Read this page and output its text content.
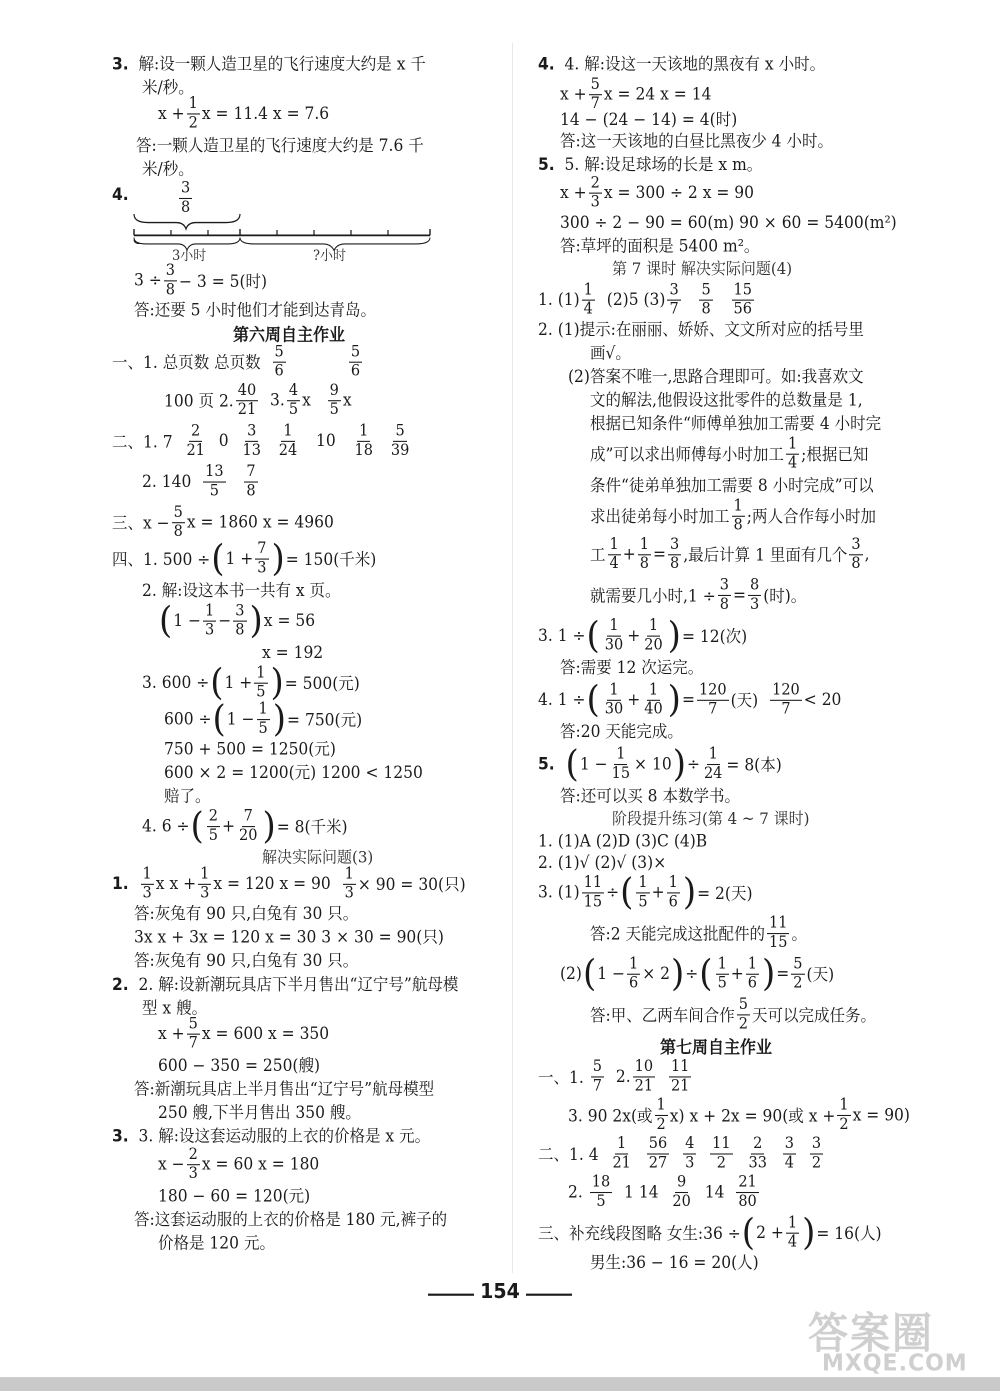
3. 解:设一颗人造卫星的飞行速度大约是 x 千
米/秒。
$x + \frac{1}{2}$ x = 11.4 x = 7.6
答:一颗人造卫星的飞行速度大约是 7.6 千
米/秒。
4.	$\frac{3}{8}$
3小时	?小时
$3 \div \frac{3}{8} - 3 = 5$(时)
答:还要 5 小时他们才能到达青岛。
第六周自主作业
一、1. 总页数 总页数
$\frac{5}{6}$
	$\frac{5}{6}$
100 页 2. $\frac{40}{21}$
3. $\frac{4}{5}$ x
$\frac{9}{5}$ x
二、1. 7
$\frac{2}{21}$
0
$\frac{3}{13}$
$\frac{1}{24}$
10
$\frac{1}{18}$
$\frac{5}{39}$
2. 140
$\frac{13}{5}$
$\frac{7}{8}$
三、$x - \frac{5}{8}$ x = 1860 x = 4960
四、1. 500 ÷ ( $1 + \frac{7}{3}$ ) = 150(千米)
2. 解:设这本书一共有 x 页。
( $1 - \frac{1}{3} - \frac{3}{8}$ ) x = 56
x = 192
3. 600 ÷ ( $1 + \frac{1}{5}$ ) = 500(元)
600 ÷ ( $1 - \frac{1}{5}$ ) = 750(元)
750 + 500 = 1250(元)
600 × 2 = 1200(元) 1200 < 1250
赔了。
4. 6 ÷ ( $\frac{2}{5} + \frac{7}{20}$ ) = 8(千米)
解决实际问题(3)
1.
$\frac{1}{3}$ x $x + \frac{1}{3}$ x = 120 x = 90
$\frac{1}{3} \times 90 = 30$(只)
答:灰兔有 90 只,白兔有 30 只。
3x x + 3x = 120 x = 30 3 × 30 = 90(只)
答:灰兔有 90 只,白兔有 30 只。
2. 2. 解:设新潮玩具店下半月售出“辽宁号”航母模
型 x 艘。
$x + \frac{5}{7}$ x = 600 x = 350
600 − 350 = 250(艘)
答:新潮玩具店上半月售出“辽宁号”航母模型
250 艘,下半月售出 350 艘。
3. 3. 解:设这套运动服的上衣的价格是 x 元。
$x - \frac{2}{3}$ x = 60 x = 180
180 − 60 = 120(元)
4. 4. 解:设这一天该地的黑夜有 x 小时。
$x + \frac{5}{7}$ x = 24 x = 14
14 − (24 − 14) = 4(时)
答:这一天该地的白昼比黑夜少 4 小时。
5. 5. 解:设足球场的长是 x m。
$x + \frac{2}{3}$ x = 300 ÷ 2 x = 90
300 ÷ 2 − 90 = 60(m) 90 × 60 = 5400(m²)
答:草坪的面积是 5400 m²。
第 7 课时 解决实际问题(4)
1. $(1) \frac{1}{4}$
(2)5 $(3) \frac{3}{7}$
$\frac{5}{8}$
$\frac{15}{56}$
2. (1)提示:在丽丽、娇娇、文文所对应的括号里
画√。
(2)答案不唯一,思路合理即可。如:我喜欢文
文的解法,他假设这批零件的总数量是 1,
根据已知条件“师傅单独加工需要 4 小时完
成”可以求出师傅每小时加工 $\frac{1}{4}$ ;根据已知
条件“徒弟单独加工需要 8 小时完成”可以
求出徒弟每小时加工 $\frac{1}{8}$ ;两人合作每小时加
工 $\frac{1}{4} + \frac{1}{8} = \frac{3}{8}$ ,最后计算 1 里面有几个 $\frac{3}{8}$ ,
就需要几小时$,1 \div \frac{3}{8} = \frac{8}{3}$ (时)。
3. 1 ÷ ( $\frac{1}{30} + \frac{1}{20}$ ) = 12(次)
答:需要 12 次运完。
4. 1 ÷ ( $\frac{1}{30} + \frac{1}{40}$ ) = $\frac{120}{7}$ (天)
$\frac{120}{7} < 20$
答:20 天能完成。
5.
( $1 - \frac{1}{15} \times 10$ ) ÷ $\frac{1}{24} = 8$(本)
答:还可以买 8 本数学书。
阶段提升练习(第 4 ~ 7 课时)
1. (1)A (2)D (3)C (4)B
2. (1)√ (2)√ (3)×
3. $(1) \frac{11}{15}$ ÷ ( $\frac{1}{5} + \frac{1}{6}$ ) = 2(天)
答:2 天能完成这批配件的 $\frac{11}{15}$ 。
(2) ( $1 - \frac{1}{6} \times 2$ ) ÷ ( $\frac{1}{5} + \frac{1}{6}$ ) = $\frac{5}{2}$ (天)
答:甲、乙两车间合作 $\frac{5}{2}$ 天可以完成任务。
第七周自主作业
一、1.
$\frac{5}{7}$
2. $\frac{10}{21}$
$\frac{11}{21}$
3. 90 2x(或 $\frac{1}{2} x$) x + 2x = 90(或 $x + \frac{1}{2}$ x = 90)
二、1. 4
$\frac{1}{21}$
$\frac{56}{27}$
$\frac{4}{3}$
$\frac{11}{2}$
$\frac{2}{33}$
$\frac{3}{4}$
$\frac{3}{2}$
2.
$\frac{18}{5}$
1 14
$\frac{9}{20}$
14
$\frac{21}{80}$
三、补充线段图略 女生:36 ÷ ( $2 + \frac{1}{4}$ ) = 16(人)
男生:36 − 16 = 20(人)
答:这套运动服的上衣的价格是 180 元,裤子的
154
答案圈
MXQE.COM
价格是 120 元。
